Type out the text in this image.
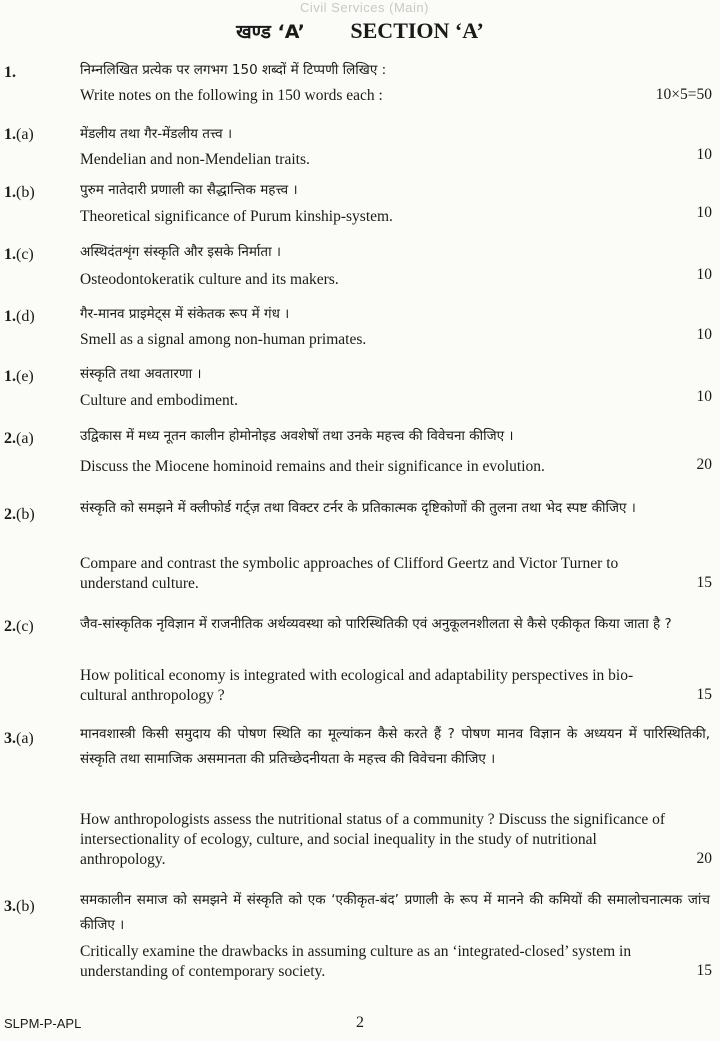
Civil Services (Main)
खण्ड ‘A’ SECTION ‘A’
1.	निम्नलिखित प्रत्येक पर लगभग 150 शब्दों में टिप्पणी लिखिए :
Write notes on the following in 150 words each :	10×5=50
1.(a)	मेंडलीय तथा गैर-मेंडलीय तत्त्व ।
Mendelian and non-Mendelian traits.	10
1.(b)	पुरुम नातेदारी प्रणाली का सैद्धान्तिक महत्त्व ।
Theoretical significance of Purum kinship-system.	10
1.(c)	अस्थिदंतशृंग संस्कृति और इसके निर्माता ।
Osteodontokeratik culture and its makers.	10
1.(d)	गैर-मानव प्राइमेट्स में संकेतक रूप में गंध ।
Smell as a signal among non-human primates.	10
1.(e)	संस्कृति तथा अवतारणा ।
Culture and embodiment.	10
2.(a)	उद्विकास में मध्य नूतन कालीन होमोनोइड अवशेषों तथा उनके महत्त्व की विवेचना कीजिए ।
Discuss the Miocene hominoid remains and their significance in evolution.	20
2.(b)	संस्कृति को समझने में क्लीफोर्ड गर्ट्ज़ तथा विक्टर टर्नर के प्रतिकात्मक दृष्टिकोणों की तुलना तथा भेद स्पष्ट कीजिए ।
Compare and contrast the symbolic approaches of Clifford Geertz and Victor Turner to understand culture.	15
2.(c)	जैव-सांस्कृतिक नृविज्ञान में राजनीतिक अर्थव्यवस्था को पारिस्थितिकी एवं अनुकूलनशीलता से कैसे एकीकृत किया जाता है ?
How political economy is integrated with ecological and adaptability perspectives in bio-cultural anthropology ?	15
3.(a)	मानवशास्त्री किसी समुदाय की पोषण स्थिति का मूल्यांकन कैसे करते हैं ? पोषण मानव विज्ञान के अध्ययन में पारिस्थितिकी, संस्कृति तथा सामाजिक असमानता की प्रतिच्छेदनीयता के महत्त्व की विवेचना कीजिए ।
How anthropologists assess the nutritional status of a community ? Discuss the significance of intersectionality of ecology, culture, and social inequality in the study of nutritional anthropology.	20
3.(b)	समकालीन समाज को समझने में संस्कृति को एक ‘एकीकृत-बंद’ प्रणाली के रूप में मानने की कमियों की समालोचनात्मक जांच कीजिए ।
Critically examine the drawbacks in assuming culture as an ‘integrated-closed’ system in understanding of contemporary society.	15
SLPM-P-APL	2
